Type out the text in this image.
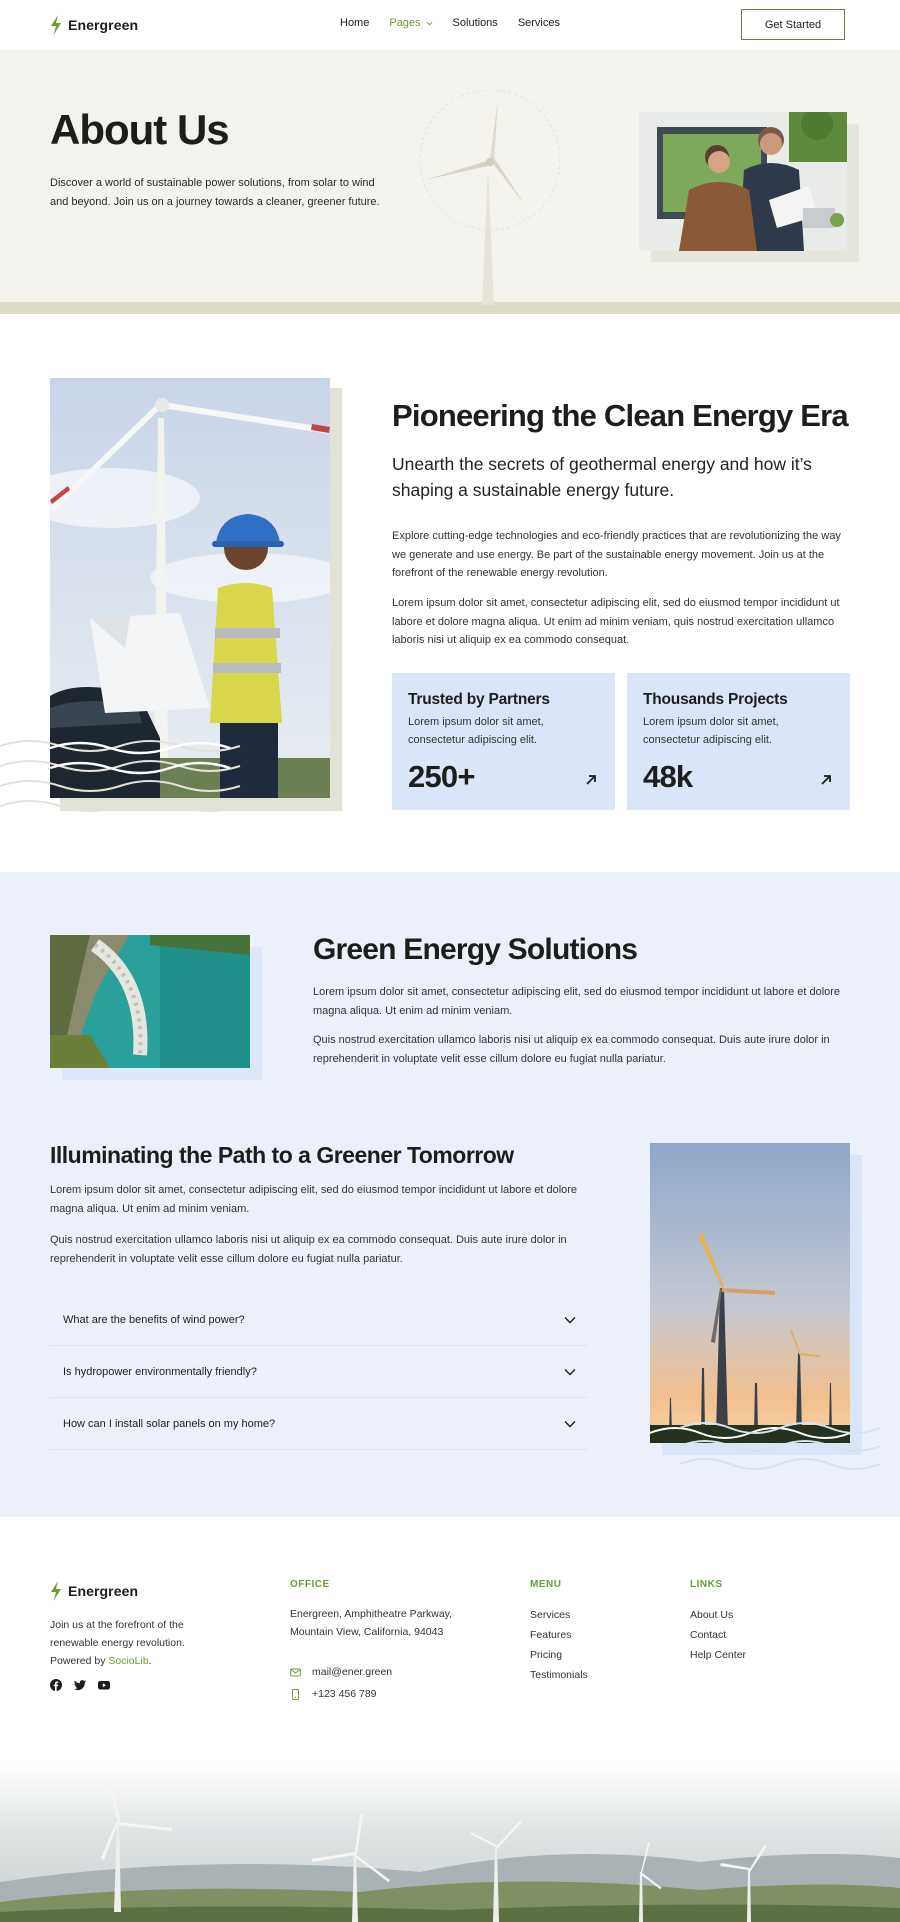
Energreen	Home Pages	Solutions Services	Get Started
About Us

Discover a world of sustainable power solutions, from solar to wind and beyond. Join us on a journey towards a cleaner, greener future.

Pioneering the Clean Energy Era

Unearth the secrets of geothermal energy and how it’s shaping a sustainable energy future.

Explore cutting-edge technologies and eco-friendly practices that are revolutionizing the way we generate and use energy. Be part of the sustainable energy movement. Join us at the forefront of the renewable energy revolution.

Lorem ipsum dolor sit amet, consectetur adipiscing elit, sed do eiusmod tempor incididunt ut labore et dolore magna aliqua. Ut enim ad minim veniam, quis nostrud exercitation ullamco laboris nisi ut aliquip ex ea commodo consequat.

Trusted by Partners
Lorem ipsum dolor sit amet, consectetur adipiscing elit.
250+
Thousands Projects
Lorem ipsum dolor sit amet, consectetur adipiscing elit.
48k
Green Energy Solutions

Lorem ipsum dolor sit amet, consectetur adipiscing elit, sed do eiusmod tempor incididunt ut labore et dolore magna aliqua. Ut enim ad minim veniam.

Quis nostrud exercitation ullamco laboris nisi ut aliquip ex ea commodo consequat. Duis aute irure dolor in reprehenderit in voluptate velit esse cillum dolore eu fugiat nulla pariatur.

Illuminating the Path to a Greener Tomorrow

Lorem ipsum dolor sit amet, consectetur adipiscing elit, sed do eiusmod tempor incididunt ut labore et dolore magna aliqua. Ut enim ad minim veniam.

Quis nostrud exercitation ullamco laboris nisi ut aliquip ex ea commodo consequat. Duis aute irure dolor in reprehenderit in voluptate velit esse cillum dolore eu fugiat nulla pariatur.

What are the benefits of wind power?
Is hydropower environmentally friendly?
How can I install solar panels on my home?
Energreen

Join us at the forefront of the renewable energy revolution. Powered by SocioLib.

OFFICE

Energreen, Amphitheatre Parkway, Mountain View, California, 94043

mail@ener.green
+123 456 789
MENU
Services
Features
Pricing
Testimonials
LINKS
About Us
Contact
Help Center
